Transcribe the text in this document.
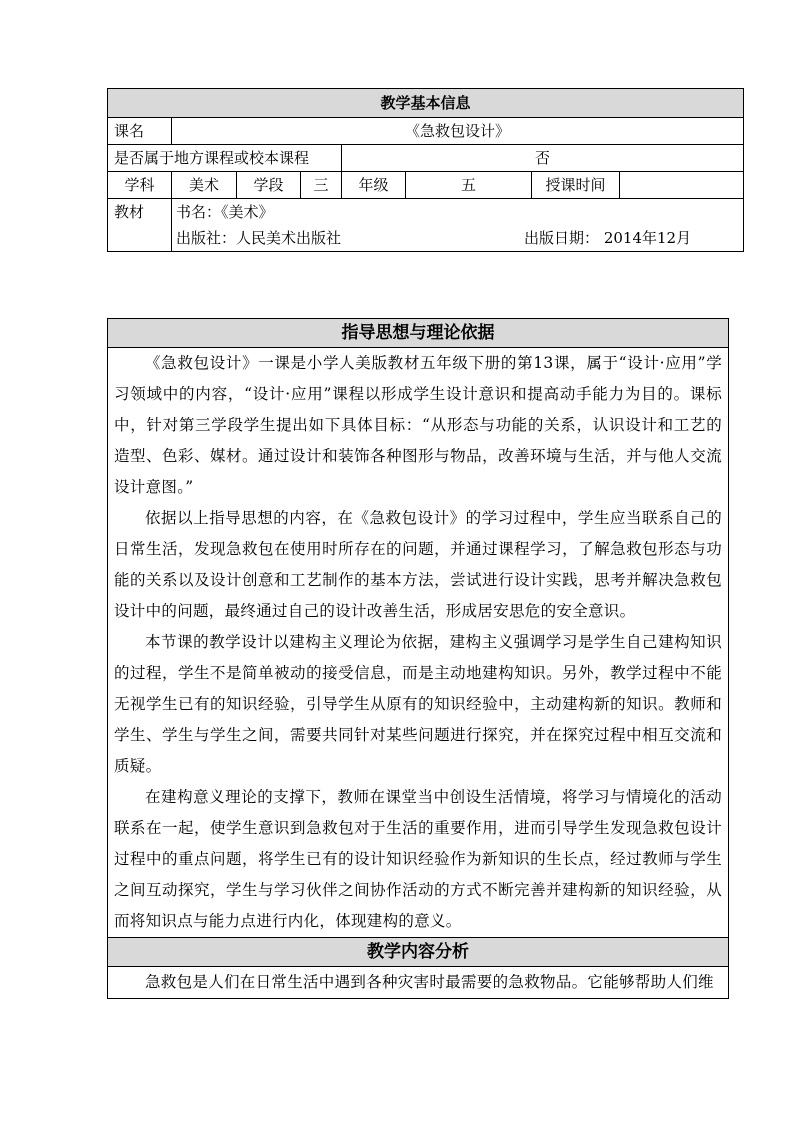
教学基本信息							
课名	《急救包设计》						
是否属于地方课程或校本课程				否			
学科	美术	学段	三	年级	五	授课时间	
教材	书名：《美术》
出版社：人民美术出版社 出版日期： 2014年12月						
指导思想与理论依据

《急救包设计》一课是小学人美版教材五年级下册的第13课，属于“设计·应用”学习领域中的内容，“设计·应用”课程以形成学生设计意识和提高动手能力为目的。课标中，针对第三学段学生提出如下具体目标：“从形态与功能的关系，认识设计和工艺的造型、色彩、媒材。通过设计和装饰各种图形与物品，改善环境与生活，并与他人交流设计意图。”

依据以上指导思想的内容，在《急救包设计》的学习过程中，学生应当联系自己的日常生活，发现急救包在使用时所存在的问题，并通过课程学习，了解急救包形态与功能的关系以及设计创意和工艺制作的基本方法，尝试进行设计实践，思考并解决急救包设计中的问题，最终通过自己的设计改善生活，形成居安思危的安全意识。

本节课的教学设计以建构主义理论为依据，建构主义强调学习是学生自己建构知识的过程，学生不是简单被动的接受信息，而是主动地建构知识。另外，教学过程中不能无视学生已有的知识经验，引导学生从原有的知识经验中，主动建构新的知识。教师和学生、学生与学生之间，需要共同针对某些问题进行探究，并在探究过程中相互交流和质疑。

在建构意义理论的支撑下，教师在课堂当中创设生活情境，将学习与情境化的活动联系在一起，使学生意识到急救包对于生活的重要作用，进而引导学生发现急救包设计过程中的重点问题，将学生已有的设计知识经验作为新知识的生长点，经过教师与学生之间互动探究，学生与学习伙伴之间协作活动的方式不断完善并建构新的知识经验，从而将知识点与能力点进行内化，体现建构的意义。

教学内容分析

急救包是人们在日常生活中遇到各种灾害时最需要的急救物品。它能够帮助人们维
